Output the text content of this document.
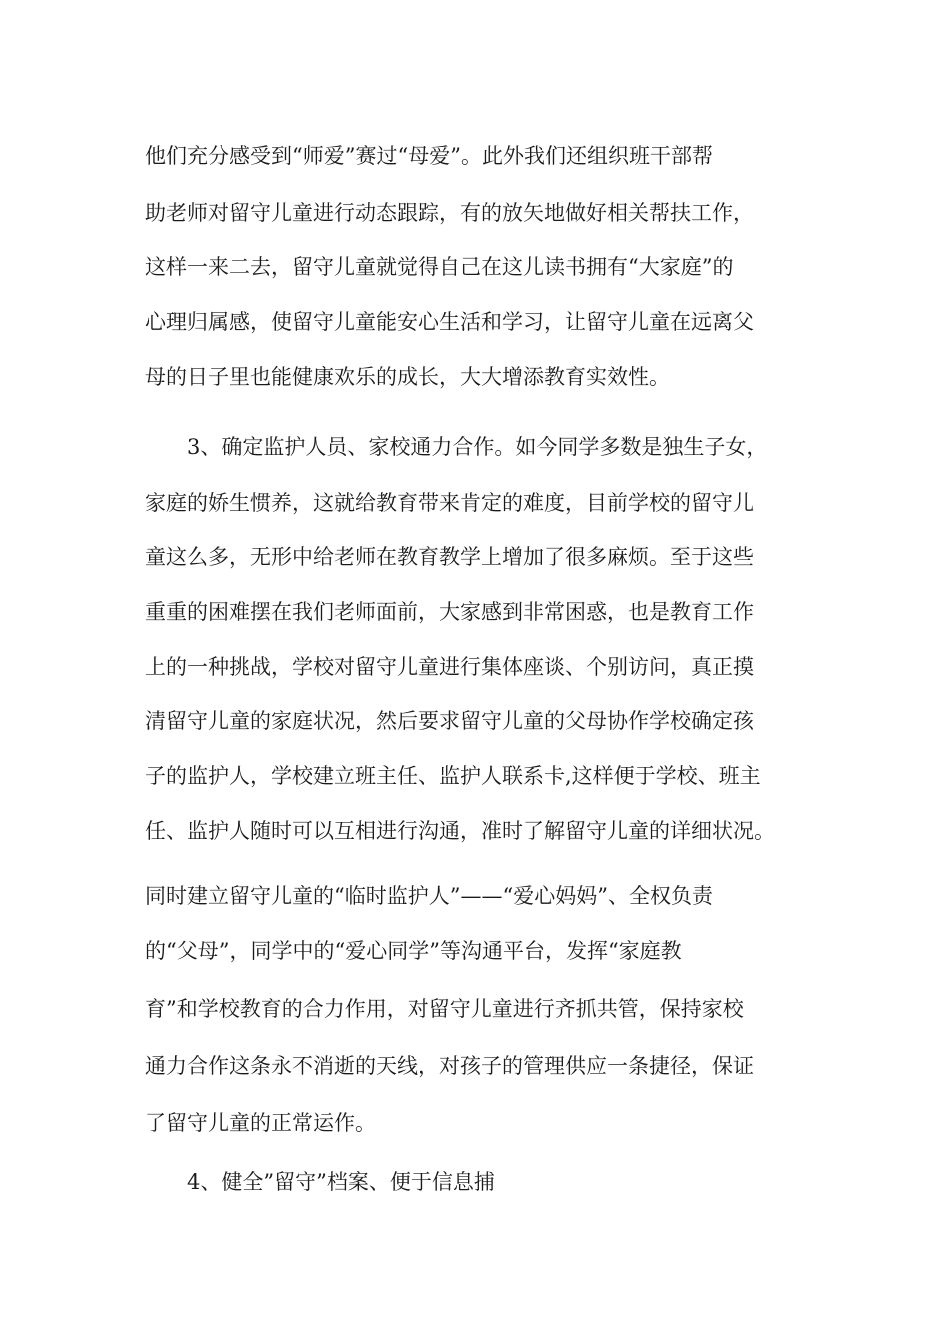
他们充分感受到“师爱”赛过“母爱”。此外我们还组织班干部帮
助老师对留守儿童进行动态跟踪，有的放矢地做好相关帮扶工作，
这样一来二去，留守儿童就觉得自己在这儿读书拥有“大家庭”的
心理归属感，使留守儿童能安心生活和学习，让留守儿童在远离父
母的日子里也能健康欢乐的成长，大大增添教育实效性。
3、确定监护人员、家校通力合作。如今同学多数是独生子女，
家庭的娇生惯养，这就给教育带来肯定的难度，目前学校的留守儿
童这么多，无形中给老师在教育教学上增加了很多麻烦。至于这些
重重的困难摆在我们老师面前，大家感到非常困惑，也是教育工作
上的一种挑战，学校对留守儿童进行集体座谈、个别访问，真正摸
清留守儿童的家庭状况，然后要求留守儿童的父母协作学校确定孩
子的监护人，学校建立班主任、监护人联系卡,这样便于学校、班主
任、监护人随时可以互相进行沟通，准时了解留守儿童的详细状况。
同时建立留守儿童的“临时监护人”——“爱心妈妈”、全权负责
的“父母”，同学中的“爱心同学”等沟通平台，发挥“家庭教
育”和学校教育的合力作用，对留守儿童进行齐抓共管，保持家校
通力合作这条永不消逝的天线，对孩子的管理供应一条捷径，保证
了留守儿童的正常运作。
4、健全”留守”档案、便于信息捕
